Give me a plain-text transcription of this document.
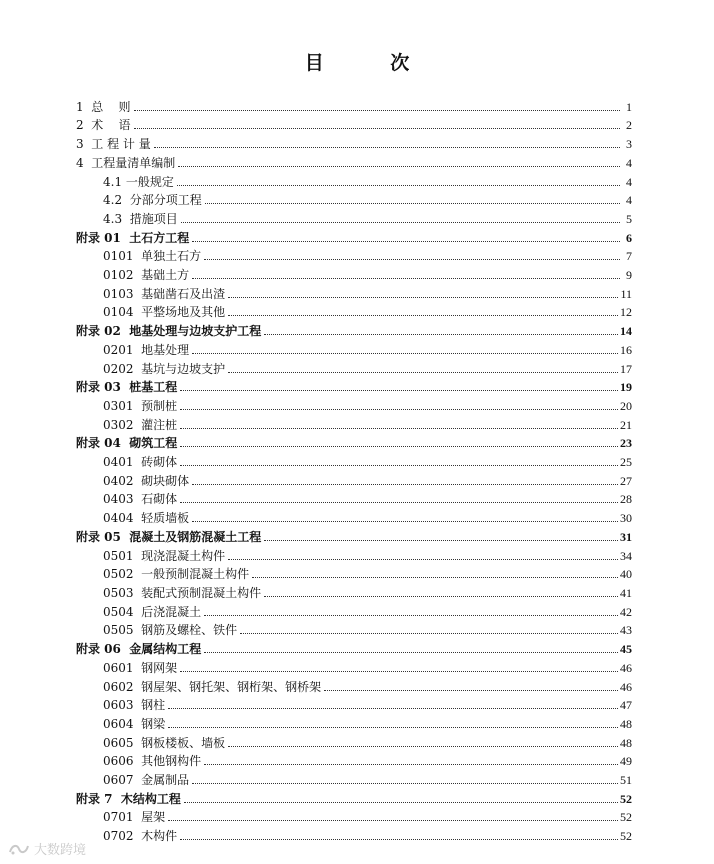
目 次
1 总    则	1
2 术    语	2
3 工 程 计 量	3
4 工程量清单编制	4
4.1 一般规定	4
4.2 分部分项工程	4
4.3 措施项目	5
附录 01 土石方工程	6
0101 单独土石方	7
0102 基础土方	9
0103 基础凿石及出渣	11
0104 平整场地及其他	12
附录 02 地基处理与边坡支护工程	14
0201 地基处理	16
0202 基坑与边坡支护	17
附录 03 桩基工程	19
0301 预制桩	20
0302 灌注桩	21
附录 04 砌筑工程	23
0401 砖砌体	25
0402 砌块砌体	27
0403 石砌体	28
0404 轻质墙板	30
附录 05 混凝土及钢筋混凝土工程	31
0501 现浇混凝土构件	34
0502 一般预制混凝土构件	40
0503 装配式预制混凝土构件	41
0504 后浇混凝土	42
0505 钢筋及螺栓、铁件	43
附录 06 金属结构工程	45
0601 钢网架	46
0602 钢屋架、钢托架、钢桁架、钢桥架	46
0603 钢柱	47
0604 钢梁	48
0605 钢板楼板、墙板	48
0606 其他钢构件	49
0607 金属制品	51
附录 7 木结构工程	52
0701 屋架	52
0702 木构件	52
大数跨境
